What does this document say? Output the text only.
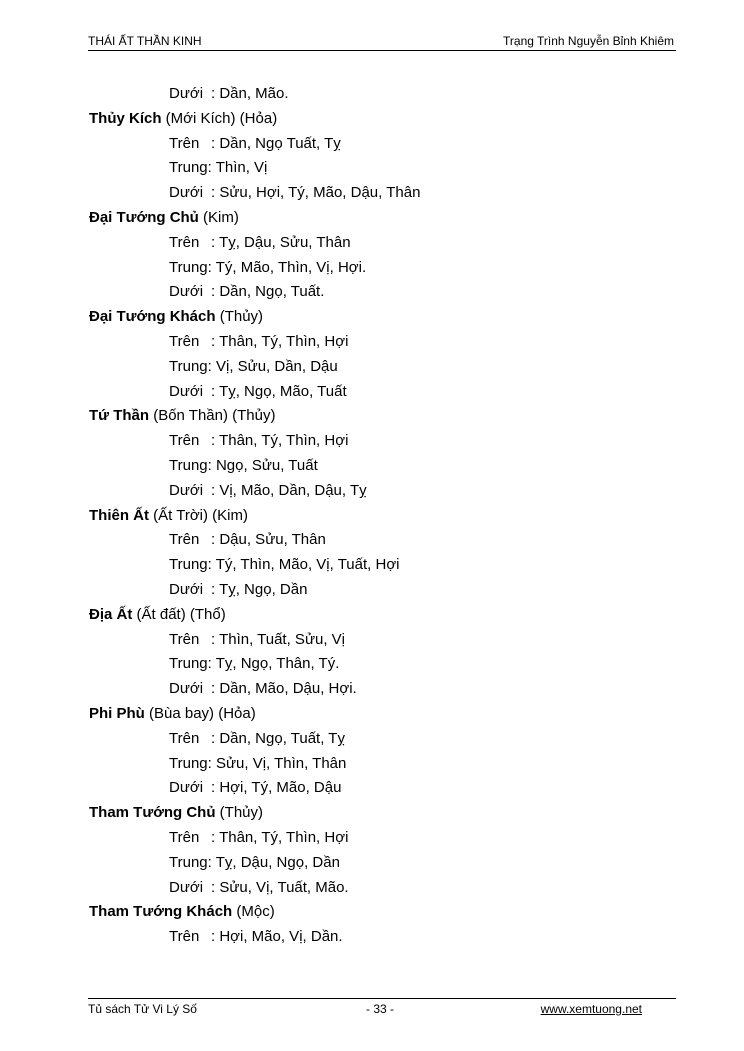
THÁI ẤT THẦN KINH	Trạng Trình Nguyễn Bỉnh Khiêm
Dưới : Dần, Mão.
Thủy Kích (Mới Kích) (Hỏa)
Trên : Dần, Ngọ Tuất, Tỵ
Trung: Thìn, Vị
Dưới : Sửu, Hợi, Tý, Mão, Dậu, Thân
Đại Tướng Chủ (Kim)
Trên : Tỵ, Dậu, Sửu, Thân
Trung: Tý, Mão, Thìn, Vị, Hợi.
Dưới : Dần, Ngọ, Tuất.
Đại Tướng Khách (Thủy)
Trên : Thân, Tý, Thìn, Hợi
Trung: Vị, Sửu, Dần, Dậu
Dưới : Tỵ, Ngọ, Mão, Tuất
Tứ Thần (Bốn Thần) (Thủy)
Trên : Thân, Tý, Thìn, Hợi
Trung: Ngọ, Sửu, Tuất
Dưới : Vị, Mão, Dần, Dậu, Tỵ
Thiên Ất (Ất Trời) (Kim)
Trên : Dậu, Sửu, Thân
Trung: Tý, Thìn, Mão, Vị, Tuất, Hợi
Dưới : Tỵ, Ngọ, Dần
Địa Ất (Ất đất) (Thổ)
Trên : Thìn, Tuất, Sửu, Vị
Trung: Tỵ, Ngọ, Thân, Tý.
Dưới : Dần, Mão, Dậu, Hợi.
Phi Phù (Bùa bay) (Hỏa)
Trên : Dần, Ngọ, Tuất, Tỵ
Trung: Sửu, Vị, Thìn, Thân
Dưới : Hợi, Tý, Mão, Dậu
Tham Tướng Chủ (Thủy)
Trên : Thân, Tý, Thìn, Hợi
Trung: Tỵ, Dậu, Ngọ, Dần
Dưới : Sửu, Vị, Tuất, Mão.
Tham Tướng Khách (Mộc)
Trên : Hợi, Mão, Vị, Dần.
Tủ sách Tử Vi Lý Số	- 33 -	www.xemtuong.net
